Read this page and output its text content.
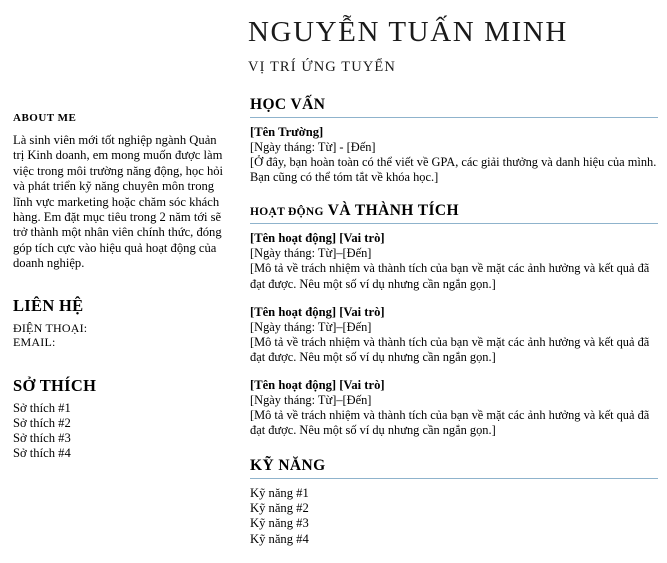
NGUYỄN TUẤN MINH
VỊ TRÍ ỨNG TUYỂN
ABOUT ME

Là sinh viên mới tốt nghiệp ngành Quản trị Kinh doanh, em mong muốn được làm việc trong môi trường năng động, học hỏi và phát triển kỹ năng chuyên môn trong lĩnh vực marketing hoặc chăm sóc khách hàng. Em đặt mục tiêu trong 2 năm tới sẽ trở thành một nhân viên chính thức, đóng góp tích cực vào hiệu quả hoạt động của doanh nghiệp.

LIÊN HỆ
ĐIỆN THOẠI:
EMAIL:
SỞ THÍCH
Sở thích #1
Sở thích #2
Sở thích #3
Sở thích #4
HỌC VẤN
[Tên Trường]
[Ngày tháng: Từ] - [Đến]
[Ở đây, bạn hoàn toàn có thể viết về GPA, các giải thưởng và danh hiệu của mình. Bạn cũng có thể tóm tắt về khóa học.]
HOẠT ĐỘNG VÀ THÀNH TÍCH
[Tên hoạt động] [Vai trò]
[Ngày tháng: Từ]–[Đến]
[Mô tả về trách nhiệm và thành tích của bạn về mặt các ảnh hưởng và kết quả đã đạt được. Nêu một số ví dụ nhưng cần ngắn gọn.]
[Tên hoạt động] [Vai trò]
[Ngày tháng: Từ]–[Đến]
[Mô tả về trách nhiệm và thành tích của bạn về mặt các ảnh hưởng và kết quả đã đạt được. Nêu một số ví dụ nhưng cần ngắn gọn.]
[Tên hoạt động] [Vai trò]
[Ngày tháng: Từ]–[Đến]
[Mô tả về trách nhiệm và thành tích của bạn về mặt các ảnh hưởng và kết quả đã đạt được. Nêu một số ví dụ nhưng cần ngắn gọn.]
KỸ NĂNG
Kỹ năng #1
Kỹ năng #2
Kỹ năng #3
Kỹ năng #4
